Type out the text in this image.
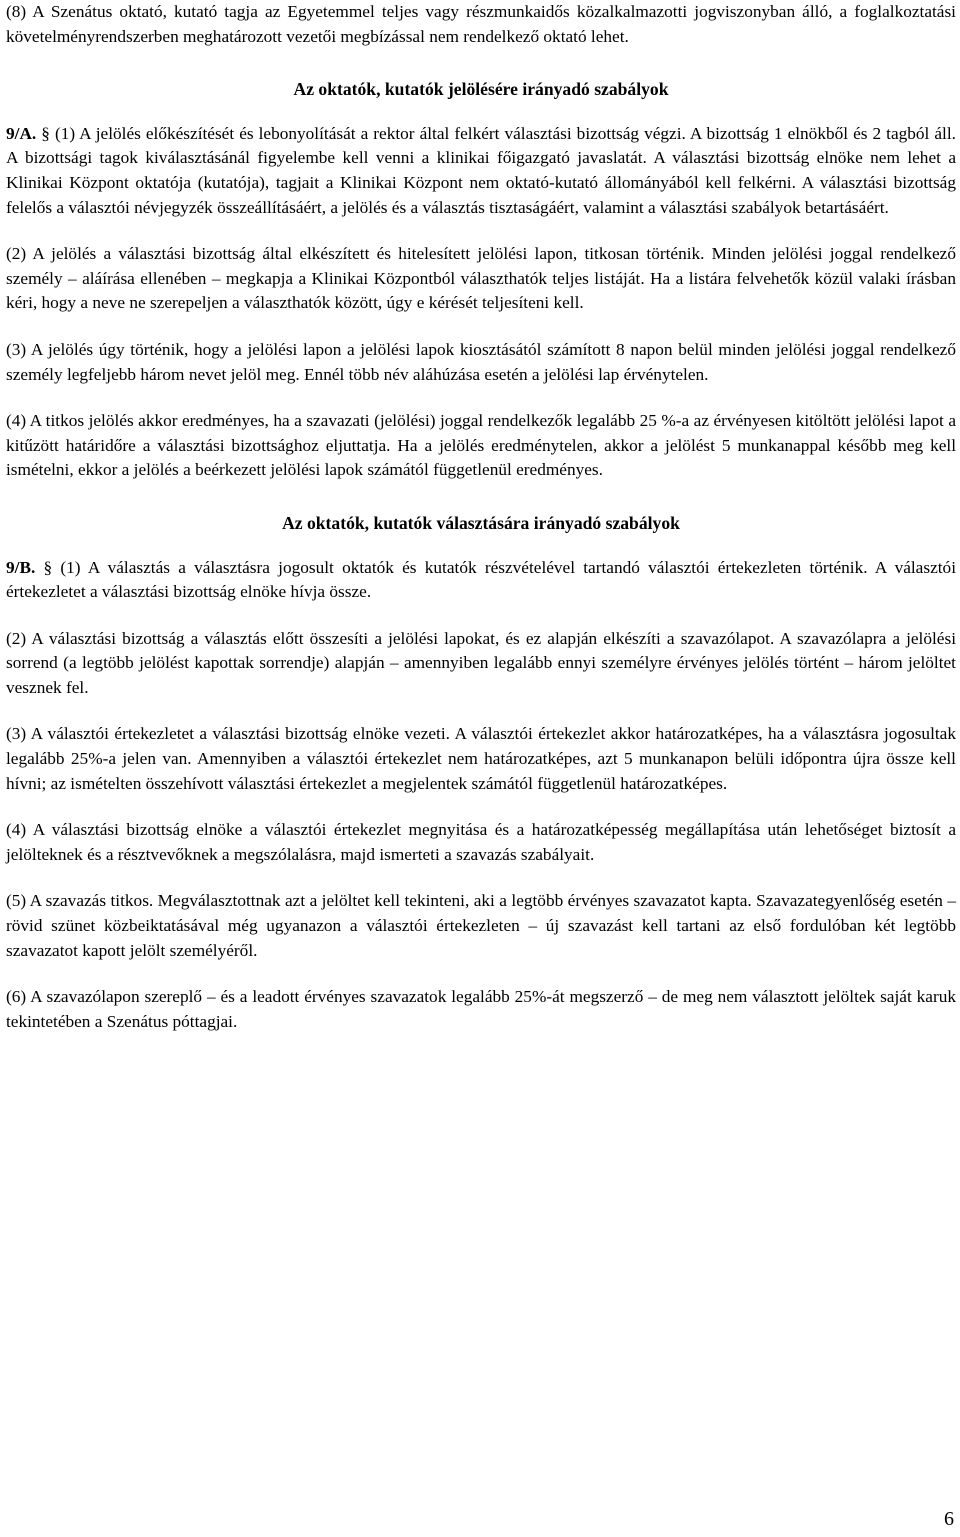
(8) A Szenátus oktató, kutató tagja az Egyetemmel teljes vagy részmunkaidős közalkalmazotti jogviszonyban álló, a foglalkoztatási követelményrendszerben meghatározott vezetői megbízással nem rendelkező oktató lehet.

Az oktatók, kutatók jelölésére irányadó szabályok

9/A. § (1) A jelölés előkészítését és lebonyolítását a rektor által felkért választási bizottság végzi. A bizottság 1 elnökből és 2 tagból áll. A bizottsági tagok kiválasztásánál figyelembe kell venni a klinikai főigazgató javaslatát. A választási bizottság elnöke nem lehet a Klinikai Központ oktatója (kutatója), tagjait a Klinikai Központ nem oktató-kutató állományából kell felkérni. A választási bizottság felelős a választói névjegyzék összeállításáért, a jelölés és a választás tisztaságáért, valamint a választási szabályok betartásáért.

(2) A jelölés a választási bizottság által elkészített és hitelesített jelölési lapon, titkosan történik. Minden jelölési joggal rendelkező személy – aláírása ellenében – megkapja a Klinikai Központból választhatók teljes listáját. Ha a listára felvehetők közül valaki írásban kéri, hogy a neve ne szerepeljen a választhatók között, úgy e kérését teljesíteni kell.

(3) A jelölés úgy történik, hogy a jelölési lapon a jelölési lapok kiosztásától számított 8 napon belül minden jelölési joggal rendelkező személy legfeljebb három nevet jelöl meg. Ennél több név aláhúzása esetén a jelölési lap érvénytelen.

(4) A titkos jelölés akkor eredményes, ha a szavazati (jelölési) joggal rendelkezők legalább 25 %-a az érvényesen kitöltött jelölési lapot a kitűzött határidőre a választási bizottsághoz eljuttatja. Ha a jelölés eredménytelen, akkor a jelölést 5 munkanappal később meg kell ismételni, ekkor a jelölés a beérkezett jelölési lapok számától függetlenül eredményes.

Az oktatók, kutatók választására irányadó szabályok

9/B. § (1) A választás a választásra jogosult oktatók és kutatók részvételével tartandó választói értekezleten történik. A választói értekezletet a választási bizottság elnöke hívja össze.

(2) A választási bizottság a választás előtt összesíti a jelölési lapokat, és ez alapján elkészíti a szavazólapot. A szavazólapra a jelölési sorrend (a legtöbb jelölést kapottak sorrendje) alapján – amennyiben legalább ennyi személyre érvényes jelölés történt – három jelöltet vesznek fel.

(3) A választói értekezletet a választási bizottság elnöke vezeti. A választói értekezlet akkor határozatképes, ha a választásra jogosultak legalább 25%-a jelen van. Amennyiben a választói értekezlet nem határozatképes, azt 5 munkanapon belüli időpontra újra össze kell hívni; az ismételten összehívott választási értekezlet a megjelentek számától függetlenül határozatképes.

(4) A választási bizottság elnöke a választói értekezlet megnyitása és a határozatképesség megállapítása után lehetőséget biztosít a jelölteknek és a résztvevőknek a megszólalásra, majd ismerteti a szavazás szabályait.

(5) A szavazás titkos. Megválasztottnak azt a jelöltet kell tekinteni, aki a legtöbb érvényes szavazatot kapta. Szavazategyenlőség esetén – rövid szünet közbeiktatásával még ugyanazon a választói értekezleten – új szavazást kell tartani az első fordulóban két legtöbb szavazatot kapott jelölt személyéről.

(6) A szavazólapon szereplő – és a leadott érvényes szavazatok legalább 25%-át megszerző – de meg nem választott jelöltek saját karuk tekintetében a Szenátus póttagjai.

6
